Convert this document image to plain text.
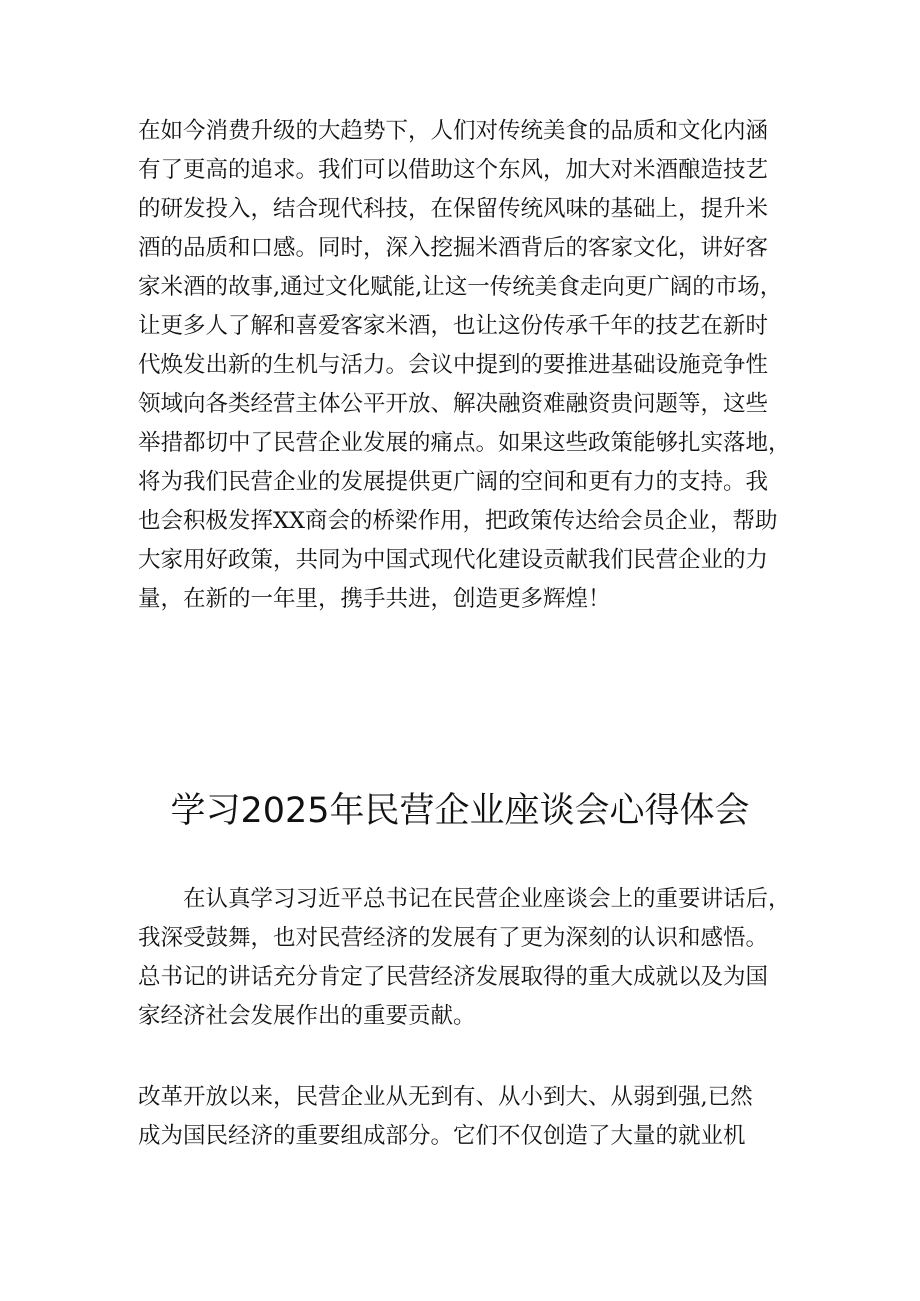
在如今消费升级的大趋势下，人们对传统美食的品质和文化内涵
有了更高的追求。我们可以借助这个东风，加大对米酒酿造技艺
的研发投入，结合现代科技，在保留传统风味的基础上，提升米
酒的品质和口感。同时，深入挖掘米酒背后的客家文化，讲好客
家米酒的故事,通过文化赋能,让这一传统美食走向更广阔的市场，
让更多人了解和喜爱客家米酒，也让这份传承千年的技艺在新时
代焕发出新的生机与活力。会议中提到的要推进基础设施竞争性
领域向各类经营主体公平开放、解决融资难融资贵问题等，这些
举措都切中了民营企业发展的痛点。如果这些政策能够扎实落地，
将为我们民营企业的发展提供更广阔的空间和更有力的支持。我
也会积极发挥XX商会的桥梁作用，把政策传达给会员企业，帮助
大家用好政策，共同为中国式现代化建设贡献我们民营企业的力
量，在新的一年里，携手共进，创造更多辉煌！

学习2025年民营企业座谈会心得体会

在认真学习习近平总书记在民营企业座谈会上的重要讲话后，
我深受鼓舞，也对民营经济的发展有了更为深刻的认识和感悟。
总书记的讲话充分肯定了民营经济发展取得的重大成就以及为国
家经济社会发展作出的重要贡献。

改革开放以来，民营企业从无到有、从小到大、从弱到强,已然
成为国民经济的重要组成部分。它们不仅创造了大量的就业机
